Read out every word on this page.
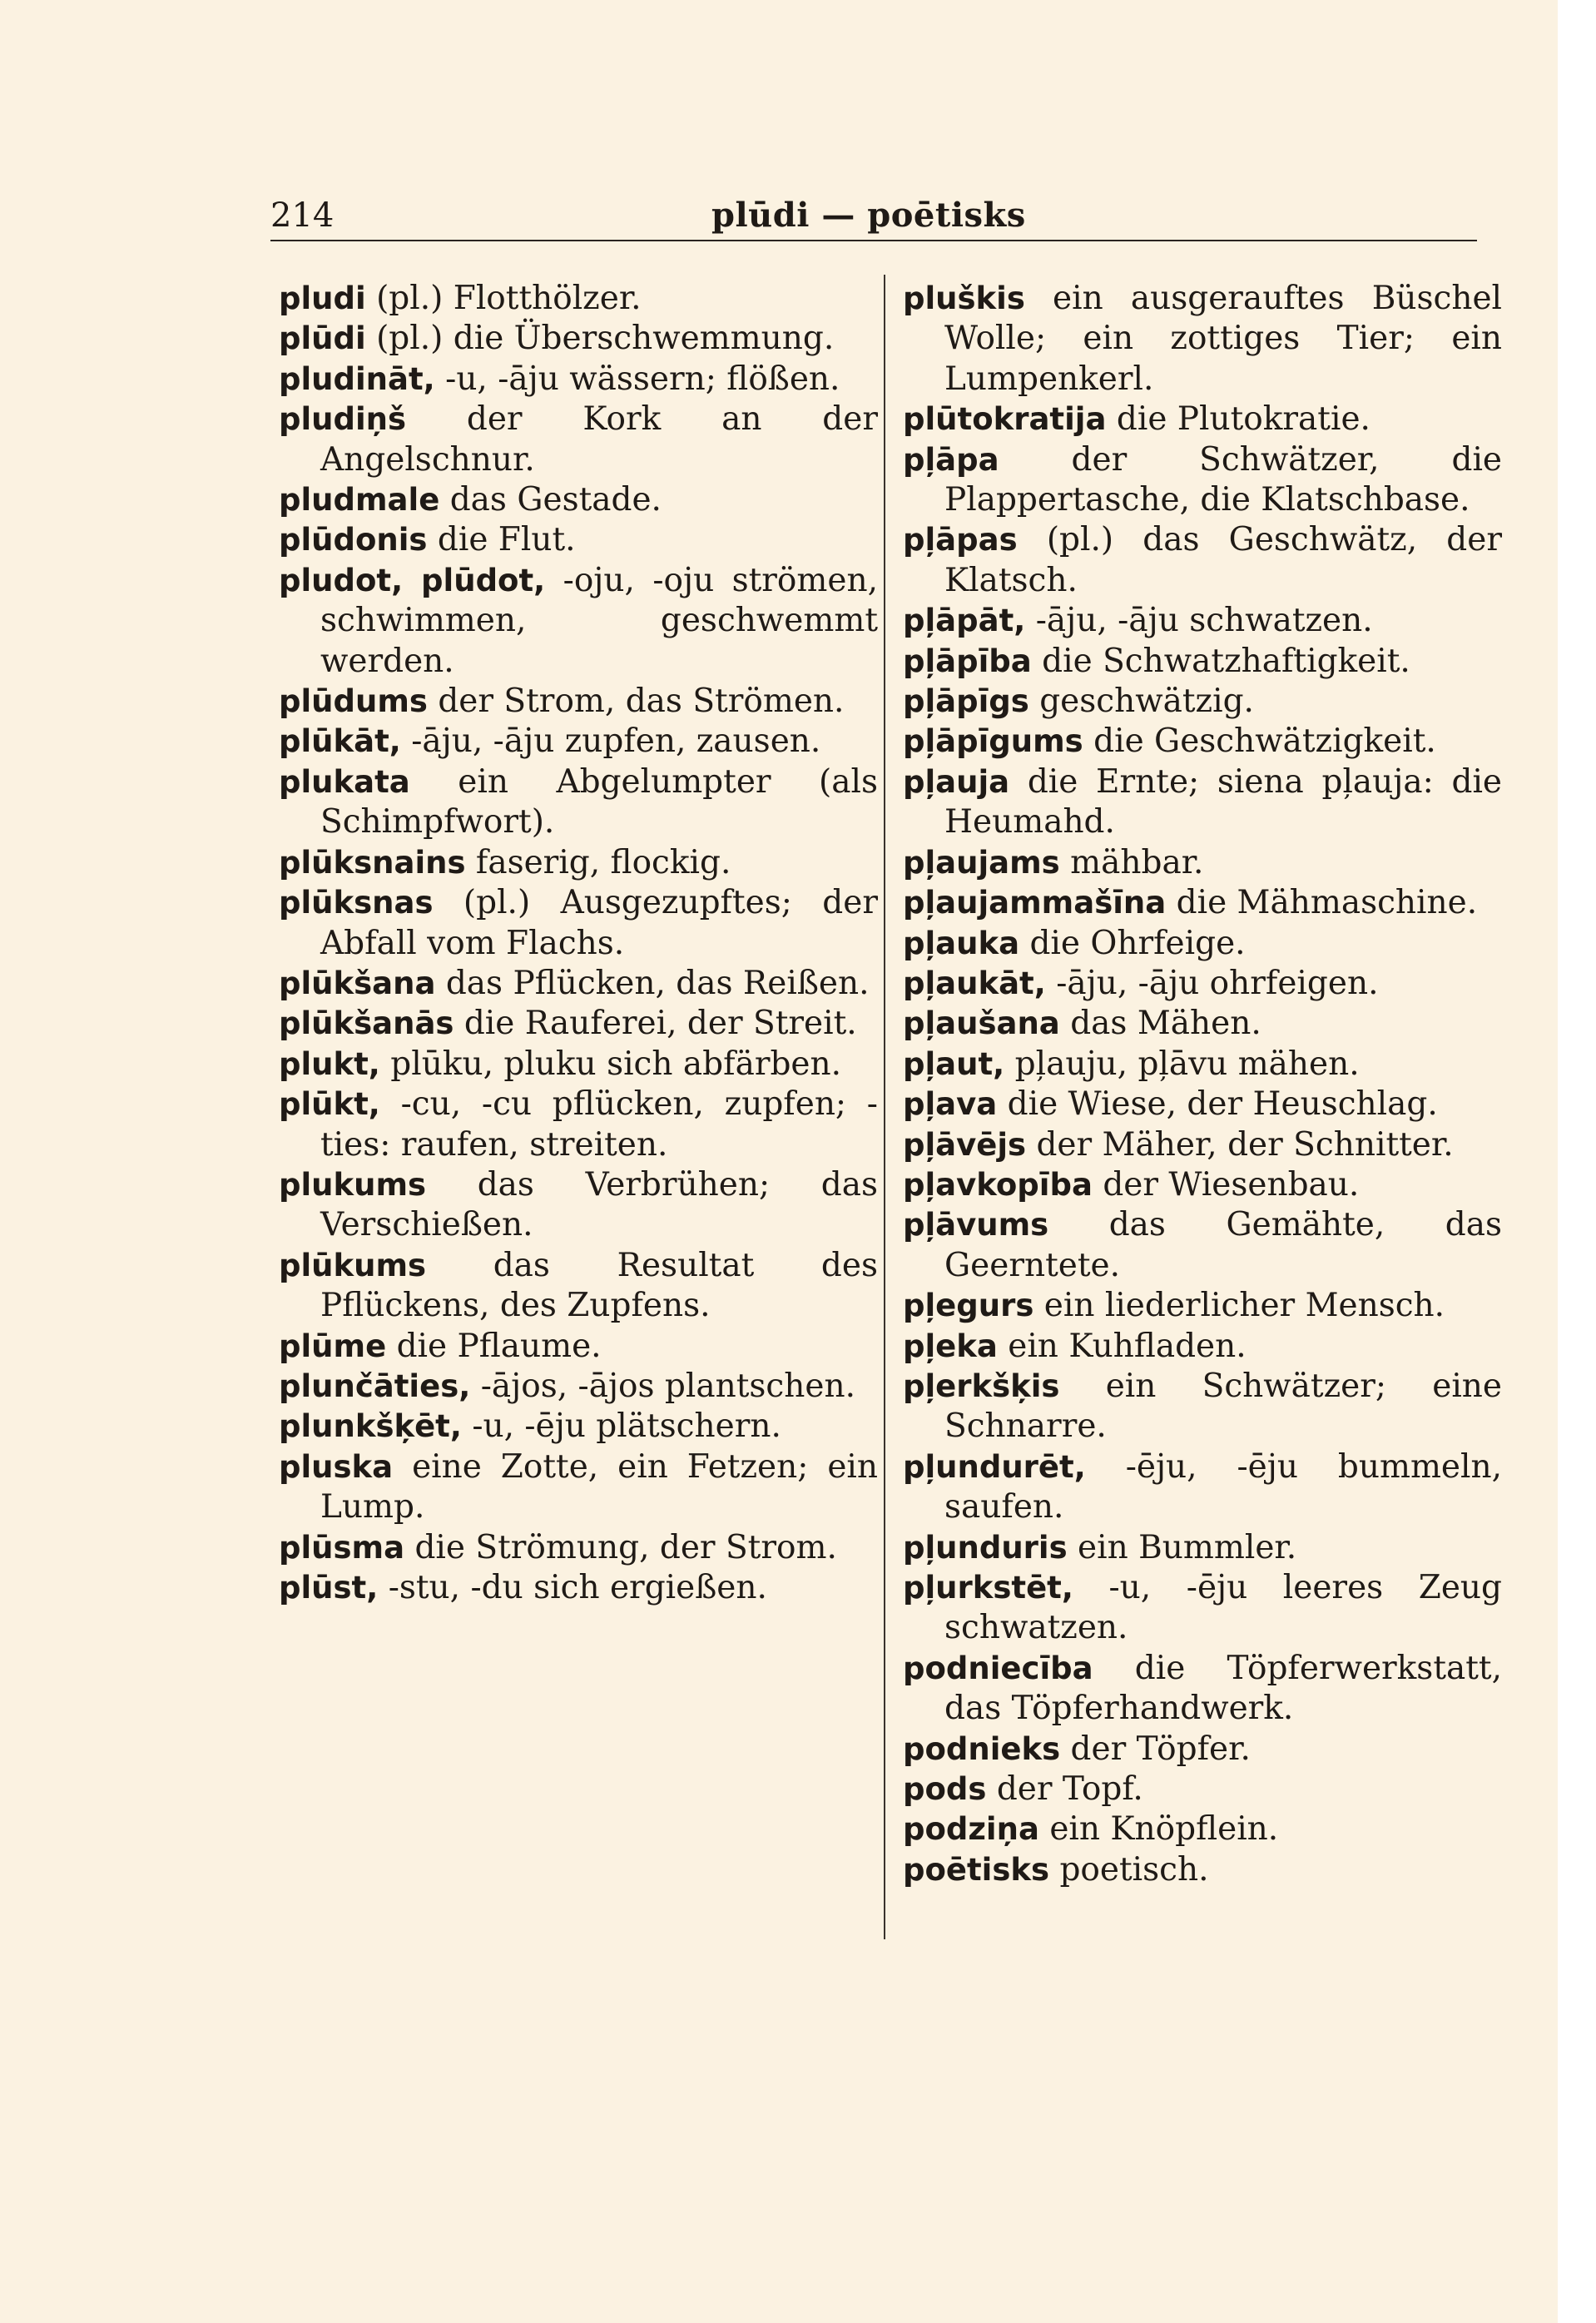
214	plūdi — poētisks

pludi (pl.) Flotthölzer.

plūdi (pl.) die Überschwemmung.

pludināt, -u, -āju wässern; flößen.

pludiņš der Kork an der Angelschnur.

pludmale das Gestade.

plūdonis die Flut.

pludot, plūdot, -oju, -oju strömen, schwimmen, geschwemmt werden.

plūdums der Strom, das Strömen.

plūkāt, -āju, -āju zupfen, zausen.

plukata ein Abgelumpter (als Schimpfwort).

plūksnains faserig, flockig.

plūksnas (pl.) Ausgezupftes; der Abfall vom Flachs.

plūkšana das Pflücken, das Reißen.

plūkšanās die Rauferei, der Streit.

plukt, plūku, pluku sich abfärben.

plūkt, -cu, -cu pflücken, zupfen; -ties: raufen, streiten.

plukums das Verbrühen; das Verschießen.

plūkums das Resultat des Pflückens, des Zupfens.

plūme die Pflaume.

plunčāties, -ājos, -ājos plantschen.

plunkšķēt, -u, -ēju plätschern.

pluska eine Zotte, ein Fetzen; ein Lump.

plūsma die Strömung, der Strom.

plūst, -stu, -du sich ergießen.

pluškis ein ausgerauftes Büschel Wolle; ein zottiges Tier; ein Lumpenkerl.

plūtokratija die Plutokratie.

pļāpa der Schwätzer, die Plappertasche, die Klatschbase.

pļāpas (pl.) das Geschwätz, der Klatsch.

pļāpāt, -āju, -āju schwatzen.

pļāpība die Schwatzhaftigkeit.

pļāpīgs geschwätzig.

pļāpīgums die Geschwätzigkeit.

pļauja die Ernte; siena pļauja: die Heumahd.

pļaujams mähbar.

pļaujammašīna die Mähmaschine.

pļauka die Ohrfeige.

pļaukāt, -āju, -āju ohrfeigen.

pļaušana das Mähen.

pļaut, pļauju, pļāvu mähen.

pļava die Wiese, der Heuschlag.

pļāvējs der Mäher, der Schnitter.

pļavkopība der Wiesenbau.

pļāvums das Gemähte, das Geerntete.

pļegurs ein liederlicher Mensch.

pļeka ein Kuhfladen.

pļerkšķis ein Schwätzer; eine Schnarre.

pļundurēt, -ēju, -ēju bummeln, saufen.

pļunduris ein Bummler.

pļurkstēt, -u, -ēju leeres Zeug schwatzen.

podniecība die Töpferwerkstatt, das Töpferhandwerk.

podnieks der Töpfer.

pods der Topf.

podziņa ein Knöpflein.

poētisks poetisch.
